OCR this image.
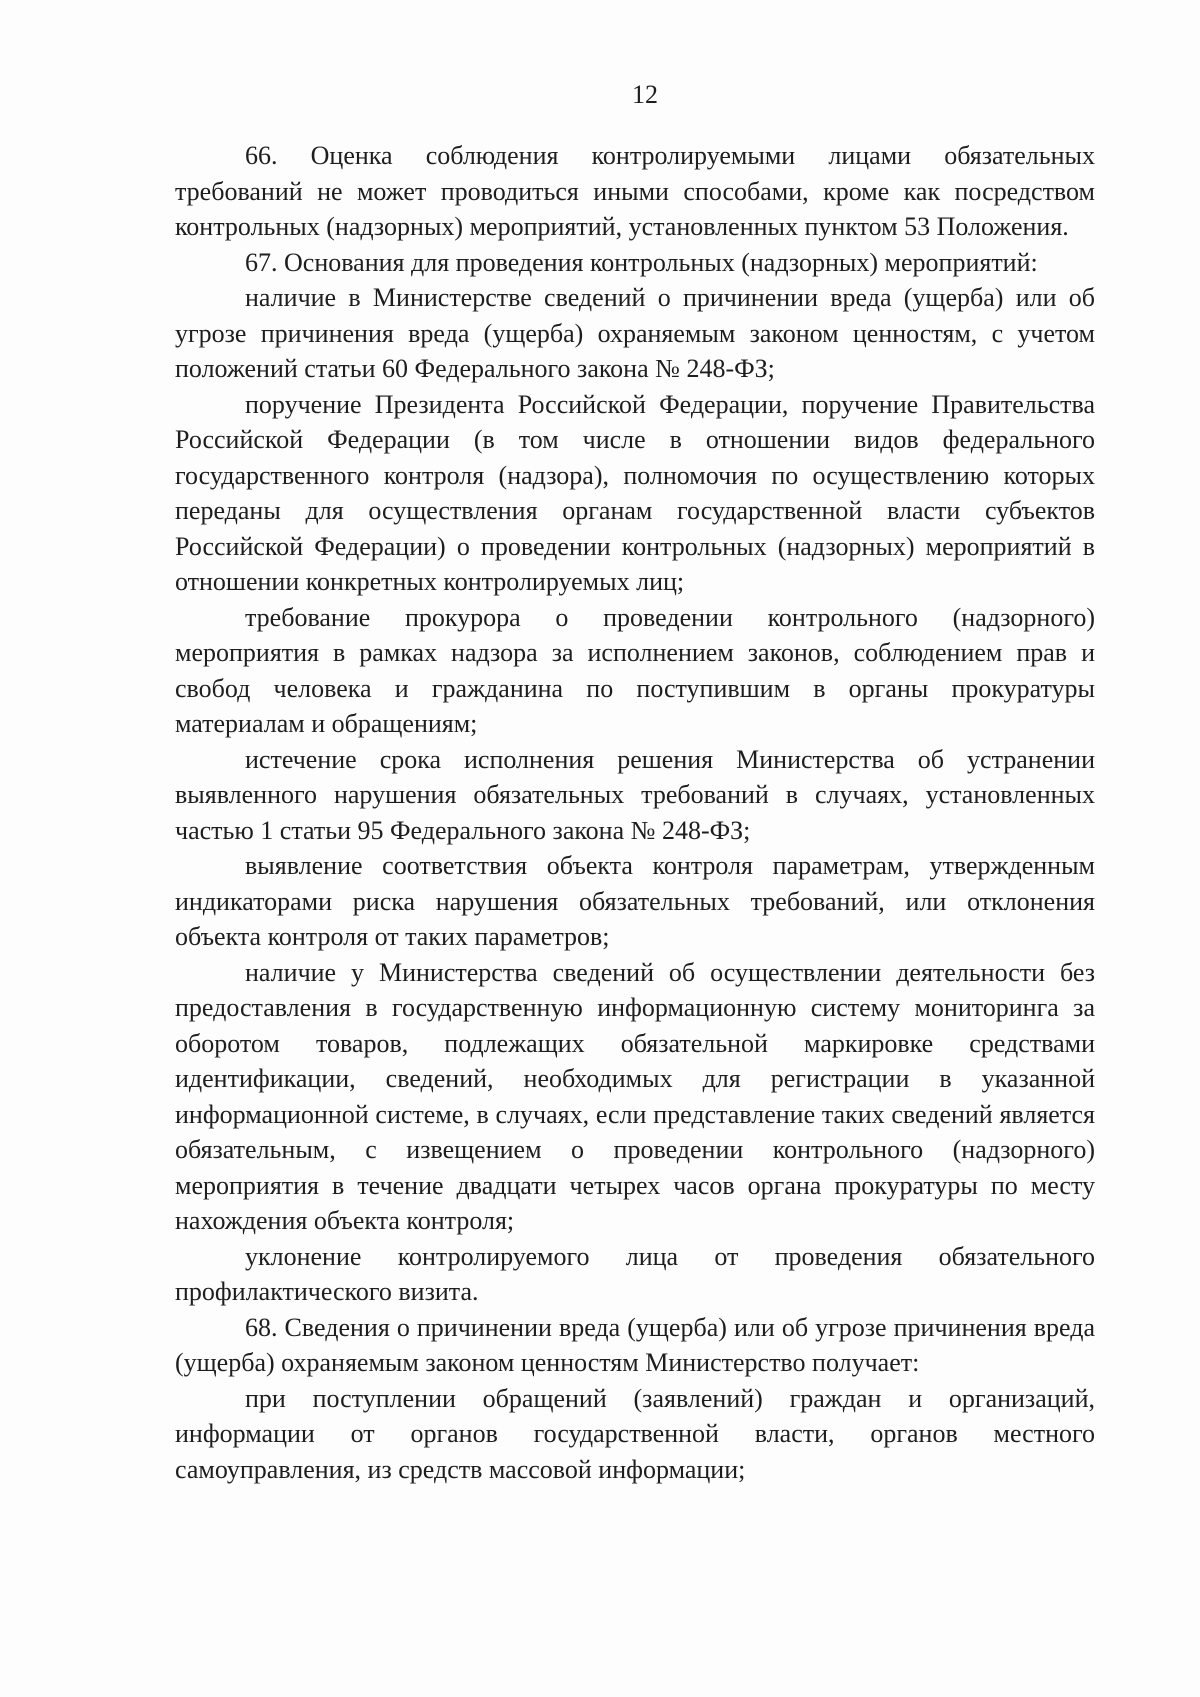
12

66. Оценка соблюдения контролируемыми лицами обязательных требований не может проводиться иными способами, кроме как посредством контрольных (надзорных) мероприятий, установленных пунктом 53 Положения.

67. Основания для проведения контрольных (надзорных) мероприятий:

наличие в Министерстве сведений о причинении вреда (ущерба) или об угрозе причинения вреда (ущерба) охраняемым законом ценностям, с учетом положений статьи 60 Федерального закона № 248-ФЗ;

поручение Президента Российской Федерации, поручение Правительства Российской Федерации (в том числе в отношении видов федерального государственного контроля (надзора), полномочия по осуществлению которых переданы для осуществления органам государственной власти субъектов Российской Федерации) о проведении контрольных (надзорных) мероприятий в отношении конкретных контролируемых лиц;

требование прокурора о проведении контрольного (надзорного) мероприятия в рамках надзора за исполнением законов, соблюдением прав и свобод человека и гражданина по поступившим в органы прокуратуры материалам и обращениям;

истечение срока исполнения решения Министерства об устранении выявленного нарушения обязательных требований в случаях, установленных частью 1 статьи 95 Федерального закона № 248-ФЗ;

выявление соответствия объекта контроля параметрам, утвержденным индикаторами риска нарушения обязательных требований, или отклонения объекта контроля от таких параметров;

наличие у Министерства сведений об осуществлении деятельности без предоставления в государственную информационную систему мониторинга за оборотом товаров, подлежащих обязательной маркировке средствами идентификации, сведений, необходимых для регистрации в указанной информационной системе, в случаях, если представление таких сведений является обязательным, с извещением о проведении контрольного (надзорного) мероприятия в течение двадцати четырех часов органа прокуратуры по месту нахождения объекта контроля;

уклонение контролируемого лица от проведения обязательного профилактического визита.

68. Сведения о причинении вреда (ущерба) или об угрозе причинения вреда (ущерба) охраняемым законом ценностям Министерство получает:

при поступлении обращений (заявлений) граждан и организаций, информации от органов государственной власти, органов местного самоуправления, из средств массовой информации;
